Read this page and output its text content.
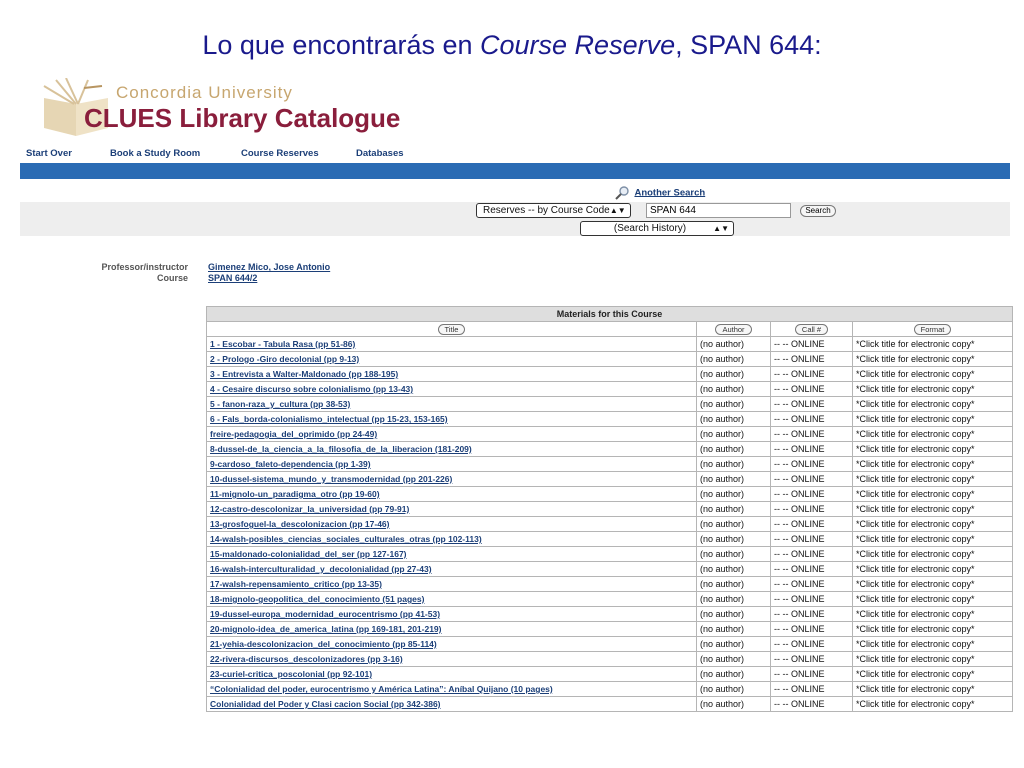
Lo que encontrarás en Course Reserve, SPAN 644:
Concordia University
CLUES Library Catalogue
Start Over	Book a Study Room	Course Reserves	Databases
Another Search
Reserves -- by Course Code ▲▼	SPAN 644	Search
(Search History)	▲▼
Professor/instructor
Course
Gimenez Mico, Jose Antonio
SPAN 644/2
Materials for this Course			
Title	Author	Call #	Format
1 - Escobar - Tabula Rasa (pp 51-86)	(no author)	-- -- ONLINE	*Click title for electronic copy*
2 - Prologo -Giro decolonial (pp 9-13)	(no author)	-- -- ONLINE	*Click title for electronic copy*
3 - Entrevista a Walter-Maldonado (pp 188-195)	(no author)	-- -- ONLINE	*Click title for electronic copy*
4 - Cesaire discurso sobre colonialismo (pp 13-43)	(no author)	-- -- ONLINE	*Click title for electronic copy*
5 - fanon-raza_y_cultura (pp 38-53)	(no author)	-- -- ONLINE	*Click title for electronic copy*
6 - Fals_borda-colonialismo_intelectual (pp 15-23, 153-165)	(no author)	-- -- ONLINE	*Click title for electronic copy*
freire-pedagogia_del_oprimido (pp 24-49)	(no author)	-- -- ONLINE	*Click title for electronic copy*
8-dussel-de_la_ciencia_a_la_filosofia_de_la_liberacion (181-209)	(no author)	-- -- ONLINE	*Click title for electronic copy*
9-cardoso_faleto-dependencia (pp 1-39)	(no author)	-- -- ONLINE	*Click title for electronic copy*
10-dussel-sistema_mundo_y_transmodernidad (pp 201-226)	(no author)	-- -- ONLINE	*Click title for electronic copy*
11-mignolo-un_paradigma_otro (pp 19-60)	(no author)	-- -- ONLINE	*Click title for electronic copy*
12-castro-descolonizar_la_universidad (pp 79-91)	(no author)	-- -- ONLINE	*Click title for electronic copy*
13-grosfoguel-la_descolonizacion (pp 17-46)	(no author)	-- -- ONLINE	*Click title for electronic copy*
14-walsh-posibles_ciencias_sociales_culturales_otras (pp 102-113)	(no author)	-- -- ONLINE	*Click title for electronic copy*
15-maldonado-colonialidad_del_ser (pp 127-167)	(no author)	-- -- ONLINE	*Click title for electronic copy*
16-walsh-interculturalidad_y_decolonialidad (pp 27-43)	(no author)	-- -- ONLINE	*Click title for electronic copy*
17-walsh-repensamiento_critico (pp 13-35)	(no author)	-- -- ONLINE	*Click title for electronic copy*
18-mignolo-geopolitica_del_conocimiento (51 pages)	(no author)	-- -- ONLINE	*Click title for electronic copy*
19-dussel-europa_modernidad_eurocentrismo (pp 41-53)	(no author)	-- -- ONLINE	*Click title for electronic copy*
20-mignolo-idea_de_america_latina (pp 169-181, 201-219)	(no author)	-- -- ONLINE	*Click title for electronic copy*
21-yehia-descolonizacion_del_conocimiento (pp 85-114)	(no author)	-- -- ONLINE	*Click title for electronic copy*
22-rivera-discursos_descolonizadores (pp 3-16)	(no author)	-- -- ONLINE	*Click title for electronic copy*
23-curiel-critica_poscolonial (pp 92-101)	(no author)	-- -- ONLINE	*Click title for electronic copy*
“Colonialidad del poder, eurocentrismo y América Latina”: Aníbal Quijano (10 pages)	(no author)	-- -- ONLINE	*Click title for electronic copy*
Colonialidad del Poder y Clasi cacion Social (pp 342-386)	(no author)	-- -- ONLINE	*Click title for electronic copy*
